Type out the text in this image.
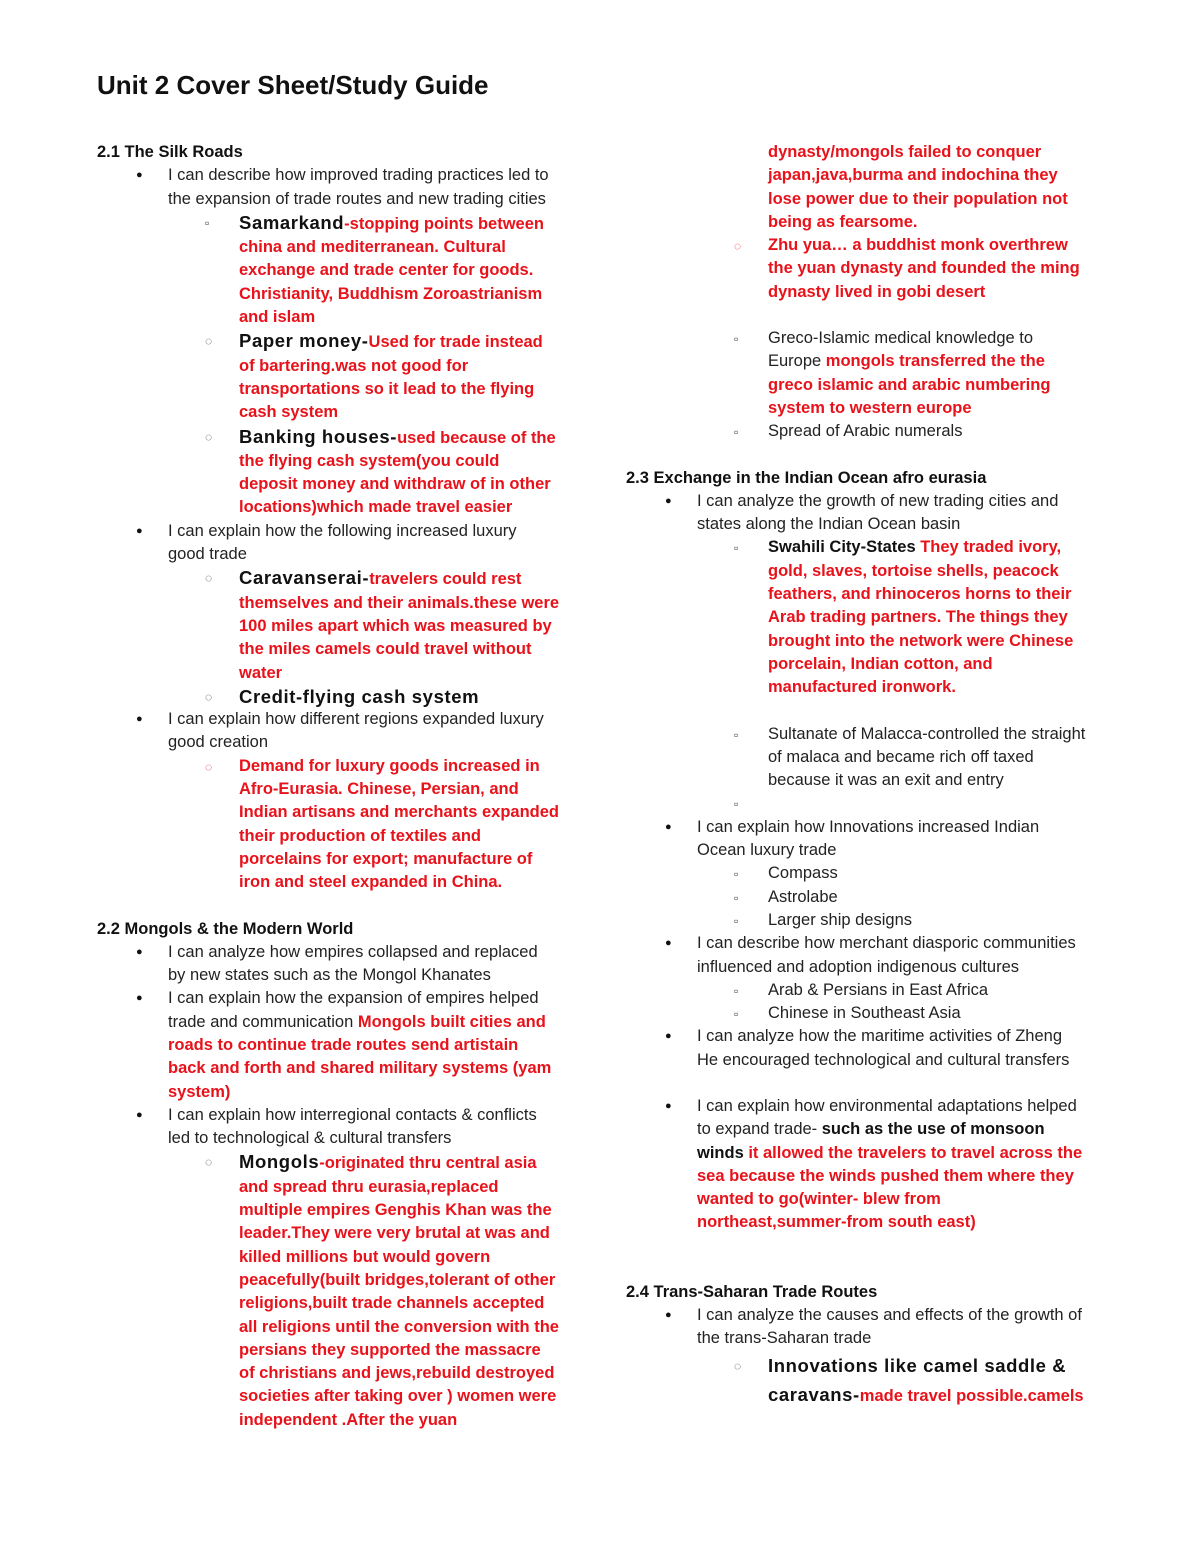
Unit 2 Cover Sheet/Study Guide
2.1 The Silk Roads
● I can describe how improved trading practices led to
the expansion of trade routes and new trading cities
▫ Samarkand-stopping points between
china and mediterranean. Cultural
exchange and trade center for goods.
Christianity, Buddhism Zoroastrianism
and islam
◌ Paper money-Used for trade instead
of bartering.was not good for
transportations so it lead to the flying
cash system
◌ Banking houses-used because of the
the flying cash system(you could
deposit money and withdraw of in other
locations)which made travel easier
● I can explain how the following increased luxury
good trade
◌ Caravanserai-travelers could rest
themselves and their animals.these were
100 miles apart which was measured by
the miles camels could travel without
water
◌ Credit-flying cash system
● I can explain how different regions expanded luxury
good creation
◌ Demand for luxury goods increased in
Afro-Eurasia. Chinese, Persian, and
Indian artisans and merchants expanded
their production of textiles and
porcelains for export; manufacture of
iron and steel expanded in China.
2.2 Mongols & the Modern World
● I can analyze how empires collapsed and replaced
by new states such as the Mongol Khanates
● I can explain how the expansion of empires helped
trade and communication Mongols built cities and
roads to continue trade routes send artistain
back and forth and shared military systems (yam
system)
● I can explain how interregional contacts & conflicts
led to technological & cultural transfers
◌ Mongols-originated thru central asia
and spread thru eurasia,replaced
multiple empires Genghis Khan was the
leader.They were very brutal at was and
killed millions but would govern
peacefully(built bridges,tolerant of other
religions,built trade channels accepted
all religions until the conversion with the
persians they supported the massacre
of christians and jews,rebuild destroyed
societies after taking over ) women were
independent .After the yuan
dynasty/mongols failed to conquer
japan,java,burma and indochina they
lose power due to their population not
being as fearsome.
◌ Zhu yua… a buddhist monk overthrew
the yuan dynasty and founded the ming
dynasty lived in gobi desert
▫ Greco-Islamic medical knowledge to
Europe mongols transferred the the
greco islamic and arabic numbering
system to western europe
▫ Spread of Arabic numerals
2.3 Exchange in the Indian Ocean afro eurasia
● I can analyze the growth of new trading cities and
states along the Indian Ocean basin
▫ Swahili City-States They traded ivory,
gold, slaves, tortoise shells, peacock
feathers, and rhinoceros horns to their
Arab trading partners. The things they
brought into the network were Chinese
porcelain, Indian cotton, and
manufactured ironwork.
▫ Sultanate of Malacca-controlled the straight
of malaca and became rich off taxed
because it was an exit and entry
▫

● I can explain how Innovations increased Indian
Ocean luxury trade
▫ Compass
▫ Astrolabe
▫ Larger ship designs
● I can describe how merchant diasporic communities
influenced and adoption indigenous cultures
▫ Arab & Persians in East Africa
▫ Chinese in Southeast Asia
● I can analyze how the maritime activities of Zheng
He encouraged technological and cultural transfers
● I can explain how environmental adaptations helped
to expand trade- such as the use of monsoon
winds it allowed the travelers to travel across the
sea because the winds pushed them where they
wanted to go(winter- blew from
northeast,summer-from south east)
2.4 Trans-Saharan Trade Routes
● I can analyze the causes and effects of the growth of
the trans-Saharan trade
◌ Innovations like camel saddle &
caravans-made travel possible.camels
